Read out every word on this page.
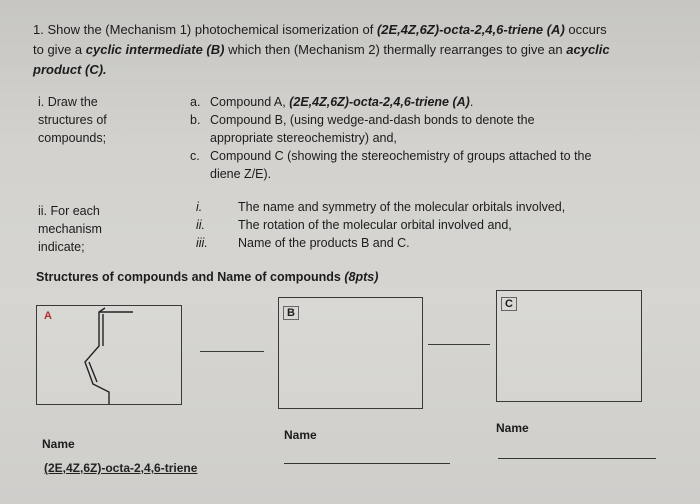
1. Show the (Mechanism 1) photochemical isomerization of (2E,4Z,6Z)-octa-2,4,6-triene (A) occurs
to give a cyclic intermediate (B) which then (Mechanism 2) thermally rearranges to give an acyclic
product (C).
i. Draw the
structures of
compounds;
a. Compound A, (2E,4Z,6Z)-octa-2,4,6-triene (A).
b. Compound B, (using wedge-and-dash bonds to denote the
appropriate stereochemistry) and,
c. Compound C (showing the stereochemistry of groups attached to the
diene Z/E).
ii. For each
mechanism
indicate;
i.	The name and symmetry of the molecular orbitals involved,
ii.	The rotation of the molecular orbital involved and,
iii. Name of the products B and C.
Structures of compounds and Name of compounds (8pts)
A	B
C
Name
(2E,4Z,6Z)-octa-2,4,6-triene
Name	Name
